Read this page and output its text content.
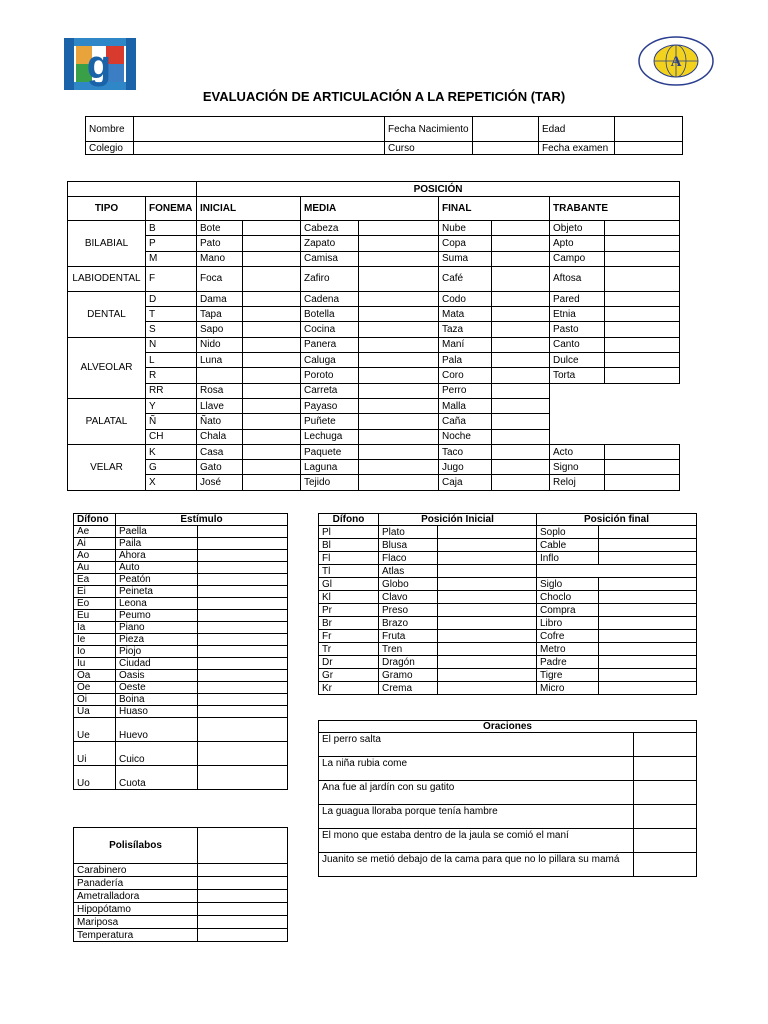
g	A
EVALUACIÓN DE ARTICULACIÓN A LA REPETICIÓN (TAR)
Nombre		Fecha Nacimiento		Edad	
Colegio		Curso		Fecha examen	
		POSICIÓN							
TIPO	FONEMA	INICIAL		MEDIA		FINAL		TRABANTE	
BILABIAL	B	Bote		Cabeza		Nube		Objeto	
	P	Pato		Zapato		Copa		Apto	
	M	Mano		Camisa		Suma		Campo	
LABIODENTAL	F	Foca		Zafiro		Café		Aftosa	
DENTAL	D	Dama		Cadena		Codo		Pared	
	T	Tapa		Botella		Mata		Etnia	
	S	Sapo		Cocina		Taza		Pasto	
ALVEOLAR	N	Nido		Panera		Maní		Canto	
	L	Luna		Caluga		Pala		Dulce	
	R			Poroto		Coro		Torta	
	RR	Rosa		Carreta		Perro			
PALATAL	Y	Llave		Payaso		Malla			
	Ñ	Ñato		Puñete		Caña			
	CH	Chala		Lechuga		Noche			
VELAR	K	Casa		Paquete		Taco		Acto	
	G	Gato		Laguna		Jugo		Signo	
	X	José		Tejido		Caja		Reloj	
Dífono	Estímulo	
Ae	Paella	
Ai	Paila	
Ao	Ahora	
Au	Auto	
Ea	Peatón	
Ei	Peineta	
Eo	Leona	
Eu	Peumo	
Ia	Piano	
Ie	Pieza	
Io	Piojo	
Iu	Ciudad	
Oa	Oasis	
Oe	Oeste	
Oi	Boina	
Ua	Huaso	
Ue	Huevo	
Ui	Cuico	
Uo	Cuota	
Dífono	Posición Inicial		Posición final	
Pl	Plato		Soplo	
Bl	Blusa		Cable	
Fl	Flaco		Inflo	
Tl	Atlas			
Gl	Globo		Siglo	
Kl	Clavo		Choclo	
Pr	Preso		Compra	
Br	Brazo		Libro	
Fr	Fruta		Cofre	
Tr	Tren		Metro	
Dr	Dragón		Padre	
Gr	Gramo		Tigre	
Kr	Crema		Micro	
Oraciones	
El perro salta	
La niña rubia come	
Ana fue al jardín con su gatito	
La guagua lloraba porque tenía hambre	
El mono que estaba dentro de la jaula se comió el maní	
Juanito se metió debajo de la cama para que no lo pillara su mamá	
Polisílabos	
Carabinero	
Panadería	
Ametralladora	
Hipopótamo	
Mariposa	
Temperatura	
